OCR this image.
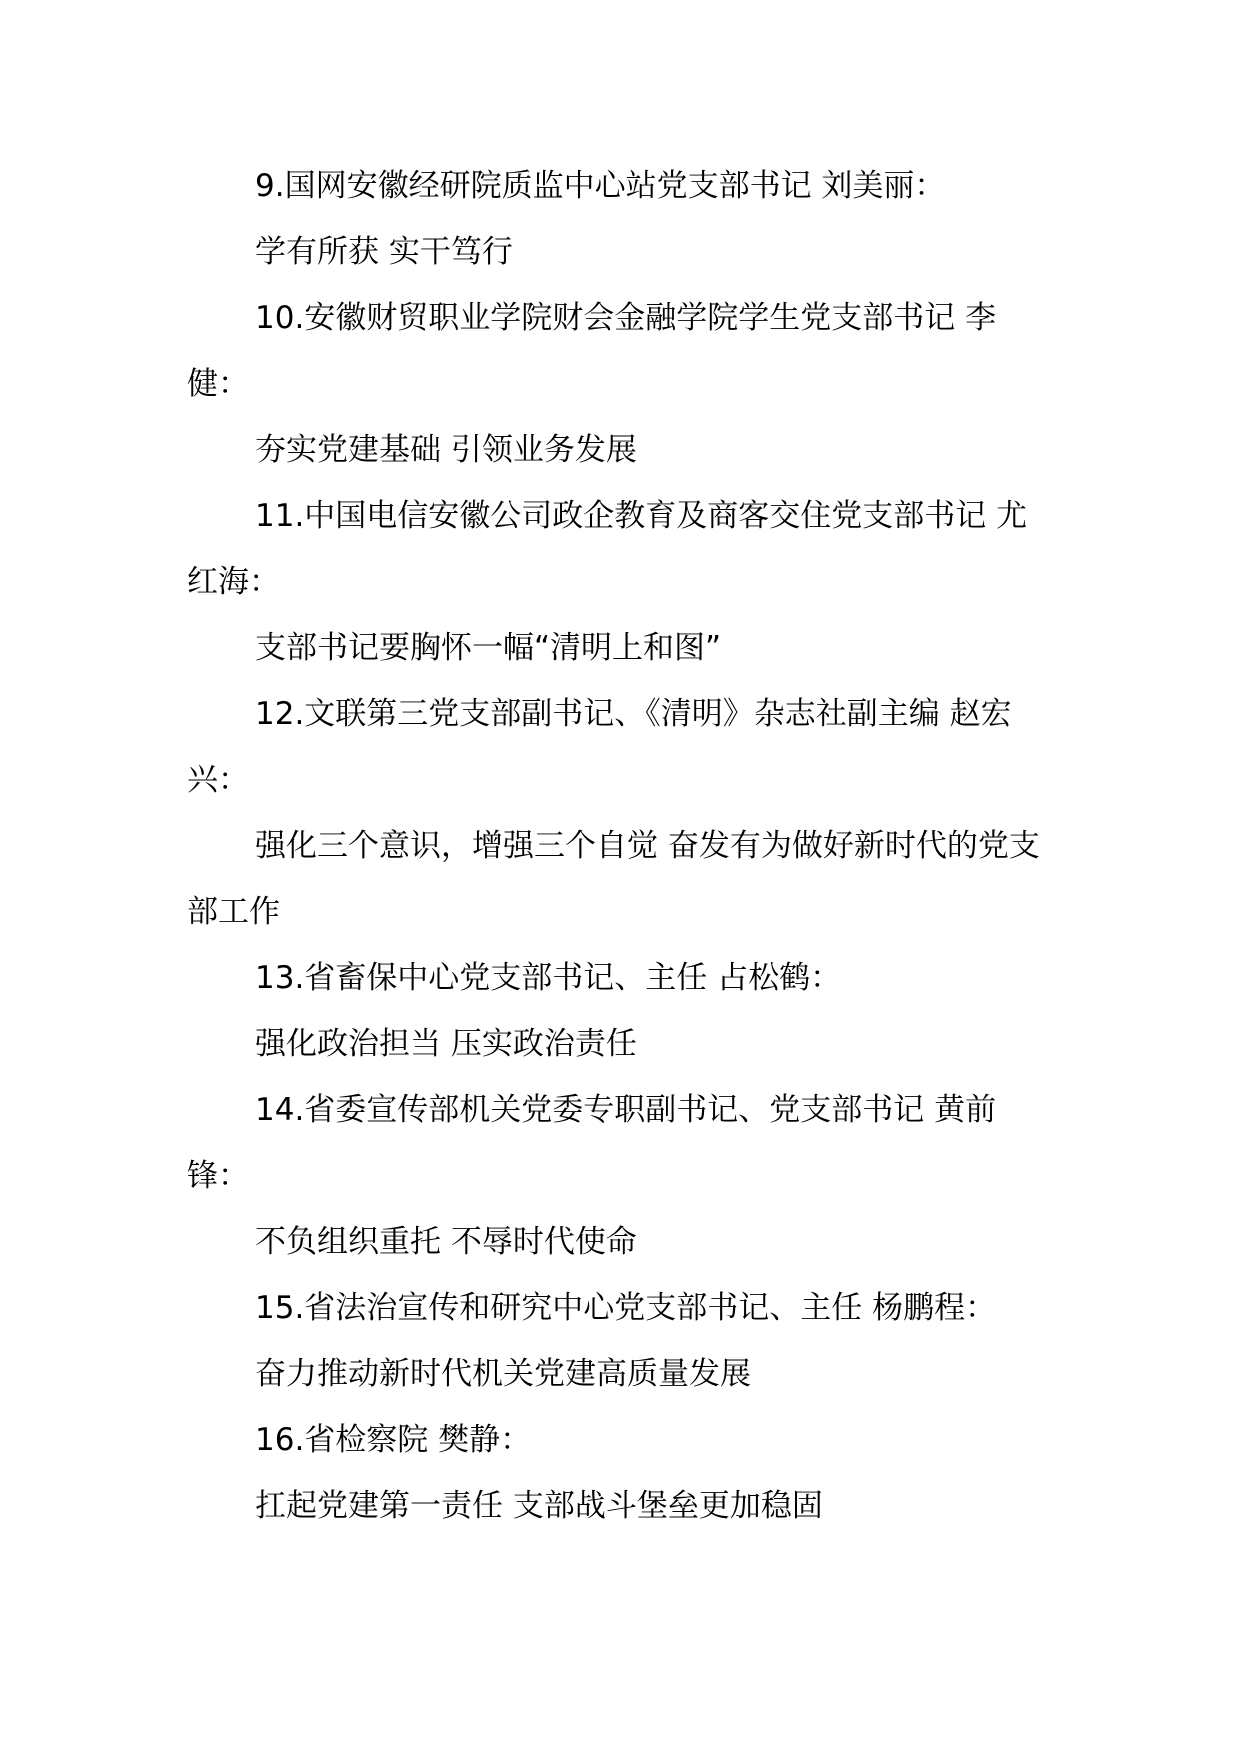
9.国网安徽经研院质监中心站党支部书记 刘美丽：

学有所获 实干笃行

10.安徽财贸职业学院财会金融学院学生党支部书记 李健：

夯实党建基础 引领业务发展

11.中国电信安徽公司政企教育及商客交住党支部书记 尤红海：

支部书记要胸怀一幅“清明上和图”

12.文联第三党支部副书记、《清明》杂志社副主编 赵宏兴：

强化三个意识，增强三个自觉 奋发有为做好新时代的党支部工作

13.省畜保中心党支部书记、主任 占松鹤：

强化政治担当 压实政治责任

14.省委宣传部机关党委专职副书记、党支部书记 黄前锋：

不负组织重托 不辱时代使命

15.省法治宣传和研究中心党支部书记、主任 杨鹏程：

奋力推动新时代机关党建高质量发展

16.省检察院 樊静：

扛起党建第一责任 支部战斗堡垒更加稳固
